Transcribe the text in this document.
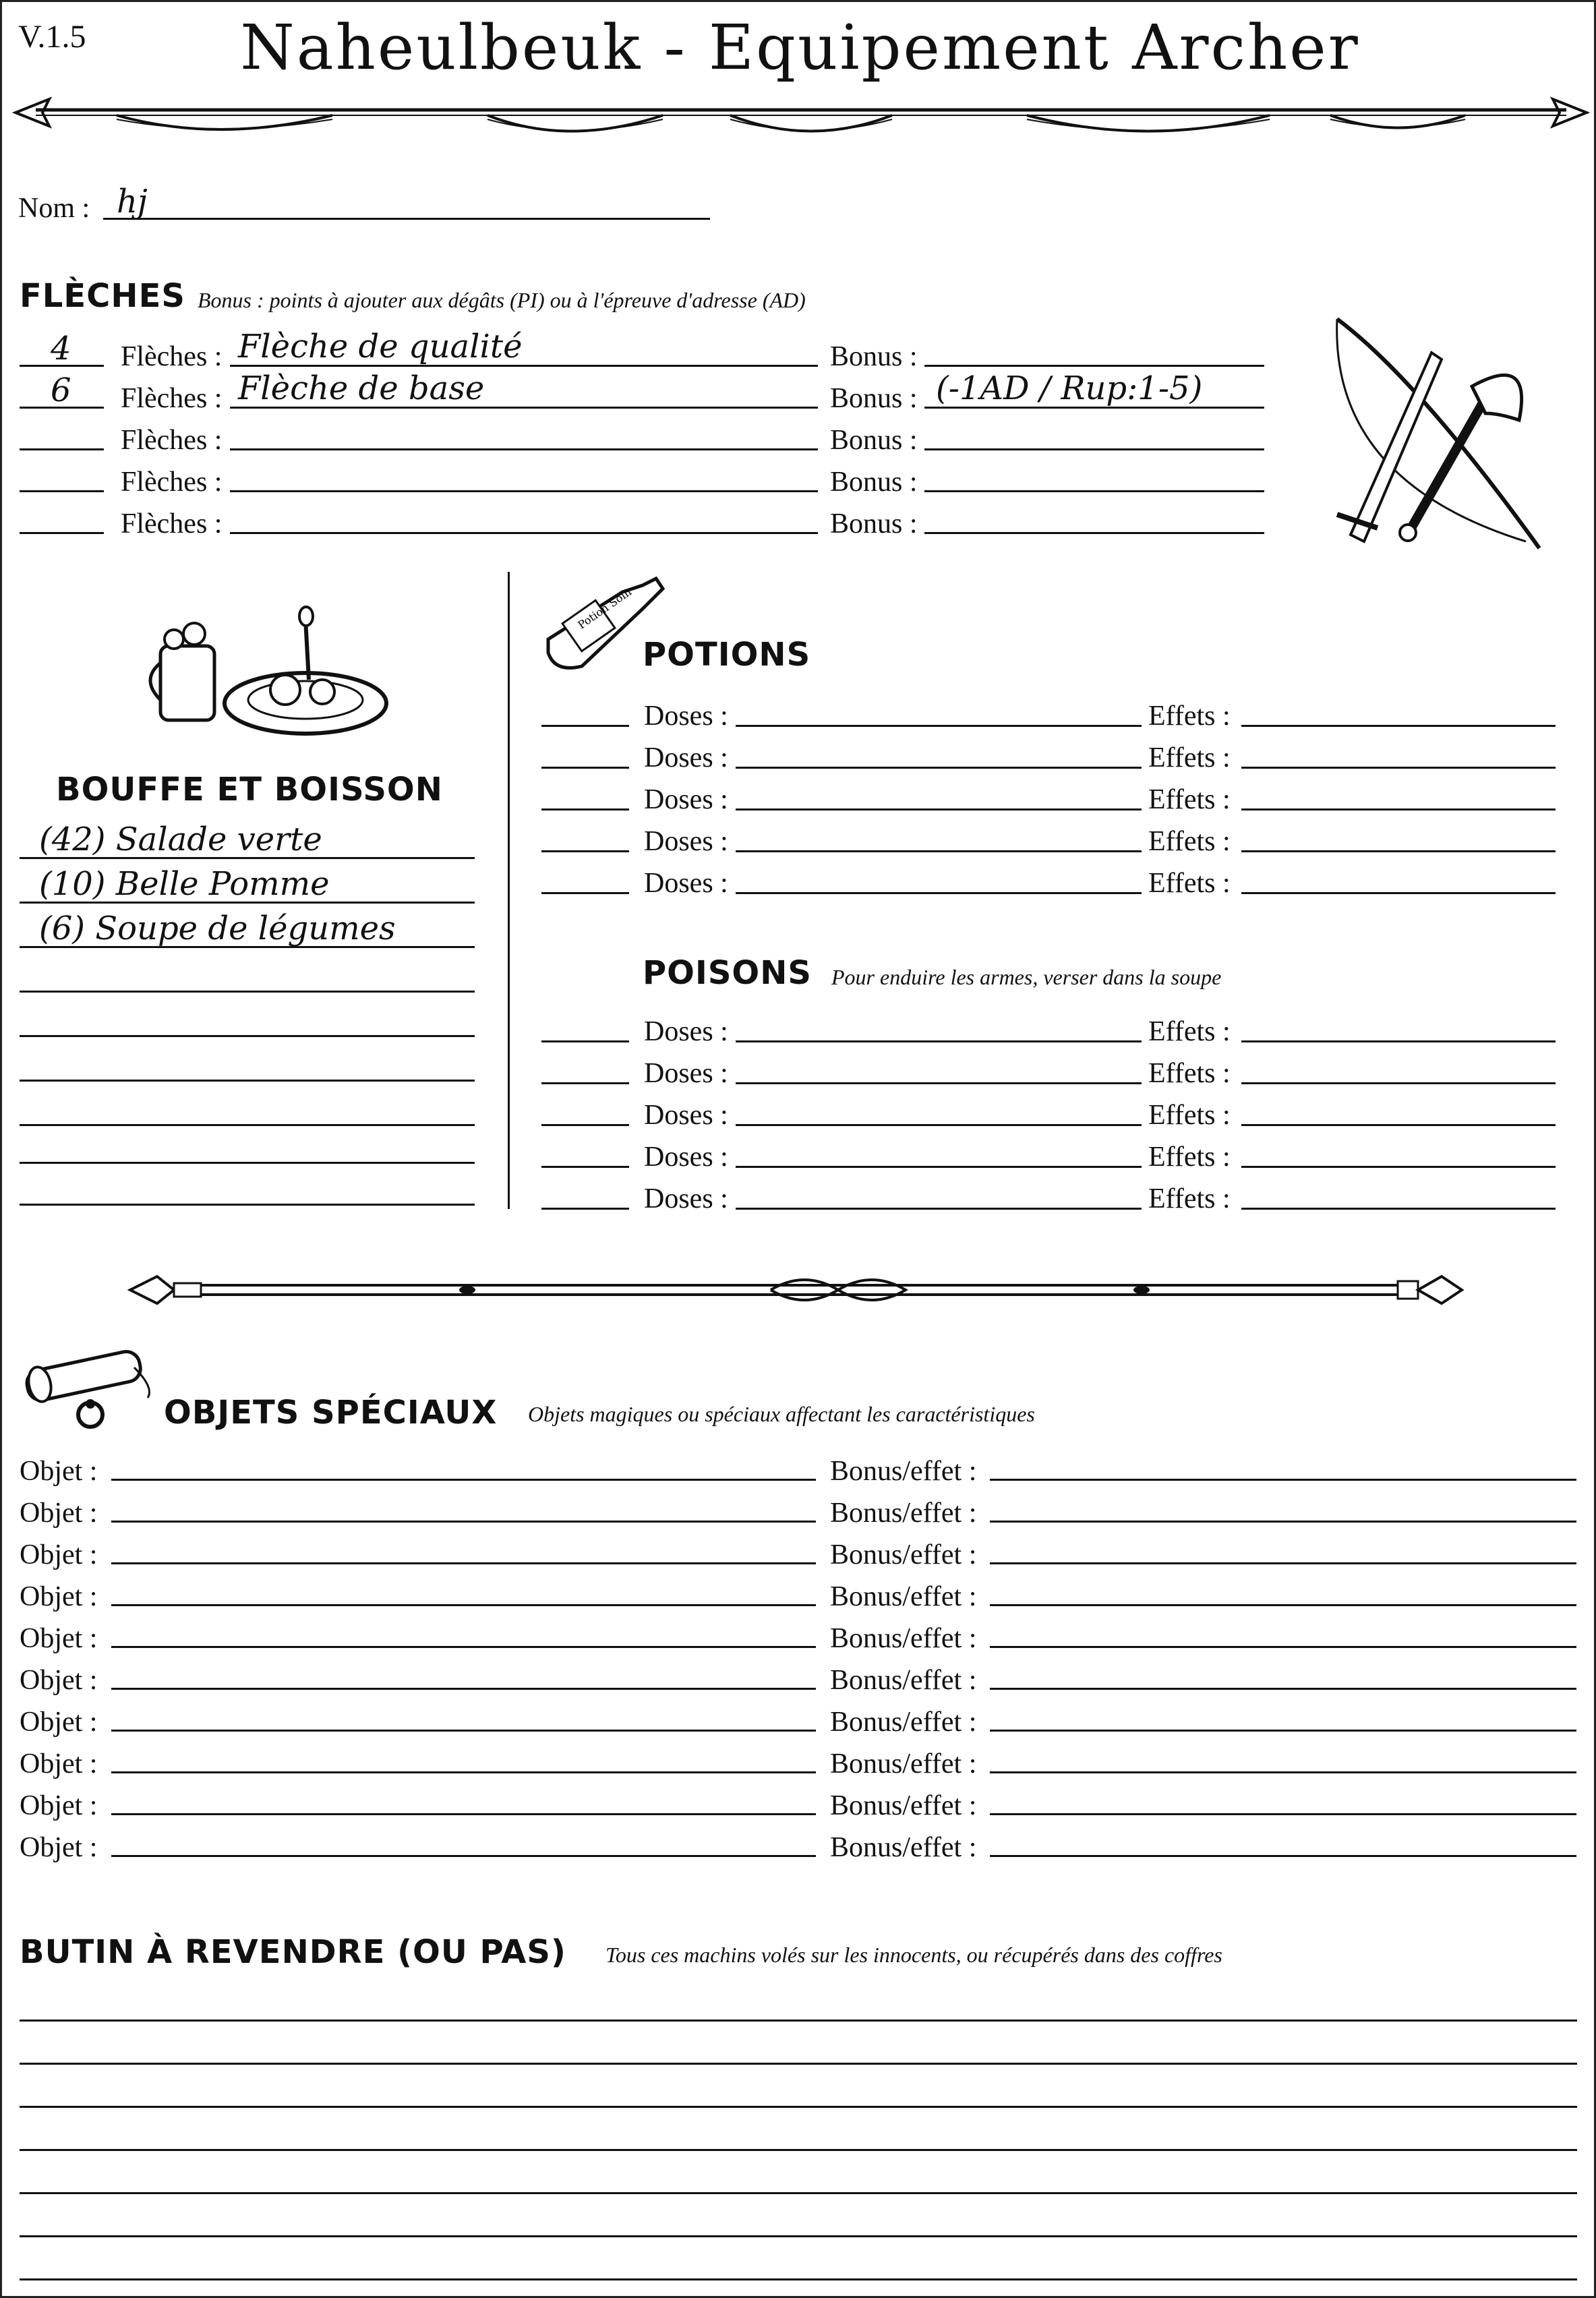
V.1.5	Naheulbeuk - Equipement Archer
Nom : hj
FLÈCHES Bonus : points à ajouter aux dégâts (PI) ou à l'épreuve d'adresse (AD)
4 Flèches : Flèche de qualité	Bonus :
6 Flèches : Flèche de base	Bonus : (-1AD / Rup:1-5)
Flèches :	Bonus :
Flèches :	Bonus :
Flèches :	Bonus :
BOUFFE ET BOISSON
(42) Salade verte
(10) Belle Pomme
(6) Soupe de légumes
Potion Soin
POTIONS
Doses :	Effets :
Doses :	Effets :
Doses :	Effets :
Doses :	Effets :
Doses :	Effets :
POISONS Pour enduire les armes, verser dans la soupe
Doses :	Effets :
Doses :	Effets :
Doses :	Effets :
Doses :	Effets :
Doses :	Effets :
OBJETS SPÉCIAUX Objets magiques ou spéciaux affectant les caractéristiques
Objet :	Bonus/effet :
Objet :	Bonus/effet :
Objet :	Bonus/effet :
Objet :	Bonus/effet :
Objet :	Bonus/effet :
Objet :	Bonus/effet :
Objet :	Bonus/effet :
Objet :	Bonus/effet :
Objet :	Bonus/effet :
Objet :	Bonus/effet :
BUTIN À REVENDRE (OU PAS) Tous ces machins volés sur les innocents, ou récupérés dans des coffres
